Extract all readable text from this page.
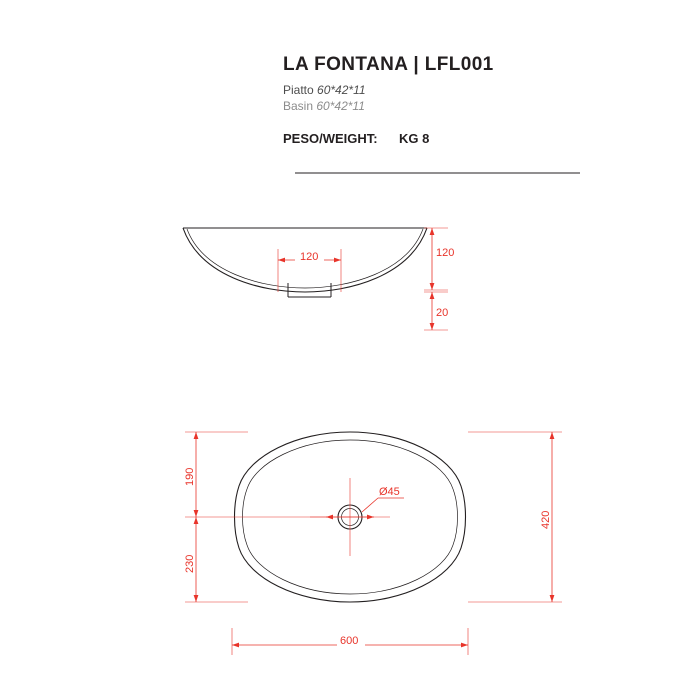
LA FONTANA | LFL001
Piatto 60*42*11
Basin 60*42*11
PESO/WEIGHT: KG 8
120	120
20
Ø45
190
230
420
600
